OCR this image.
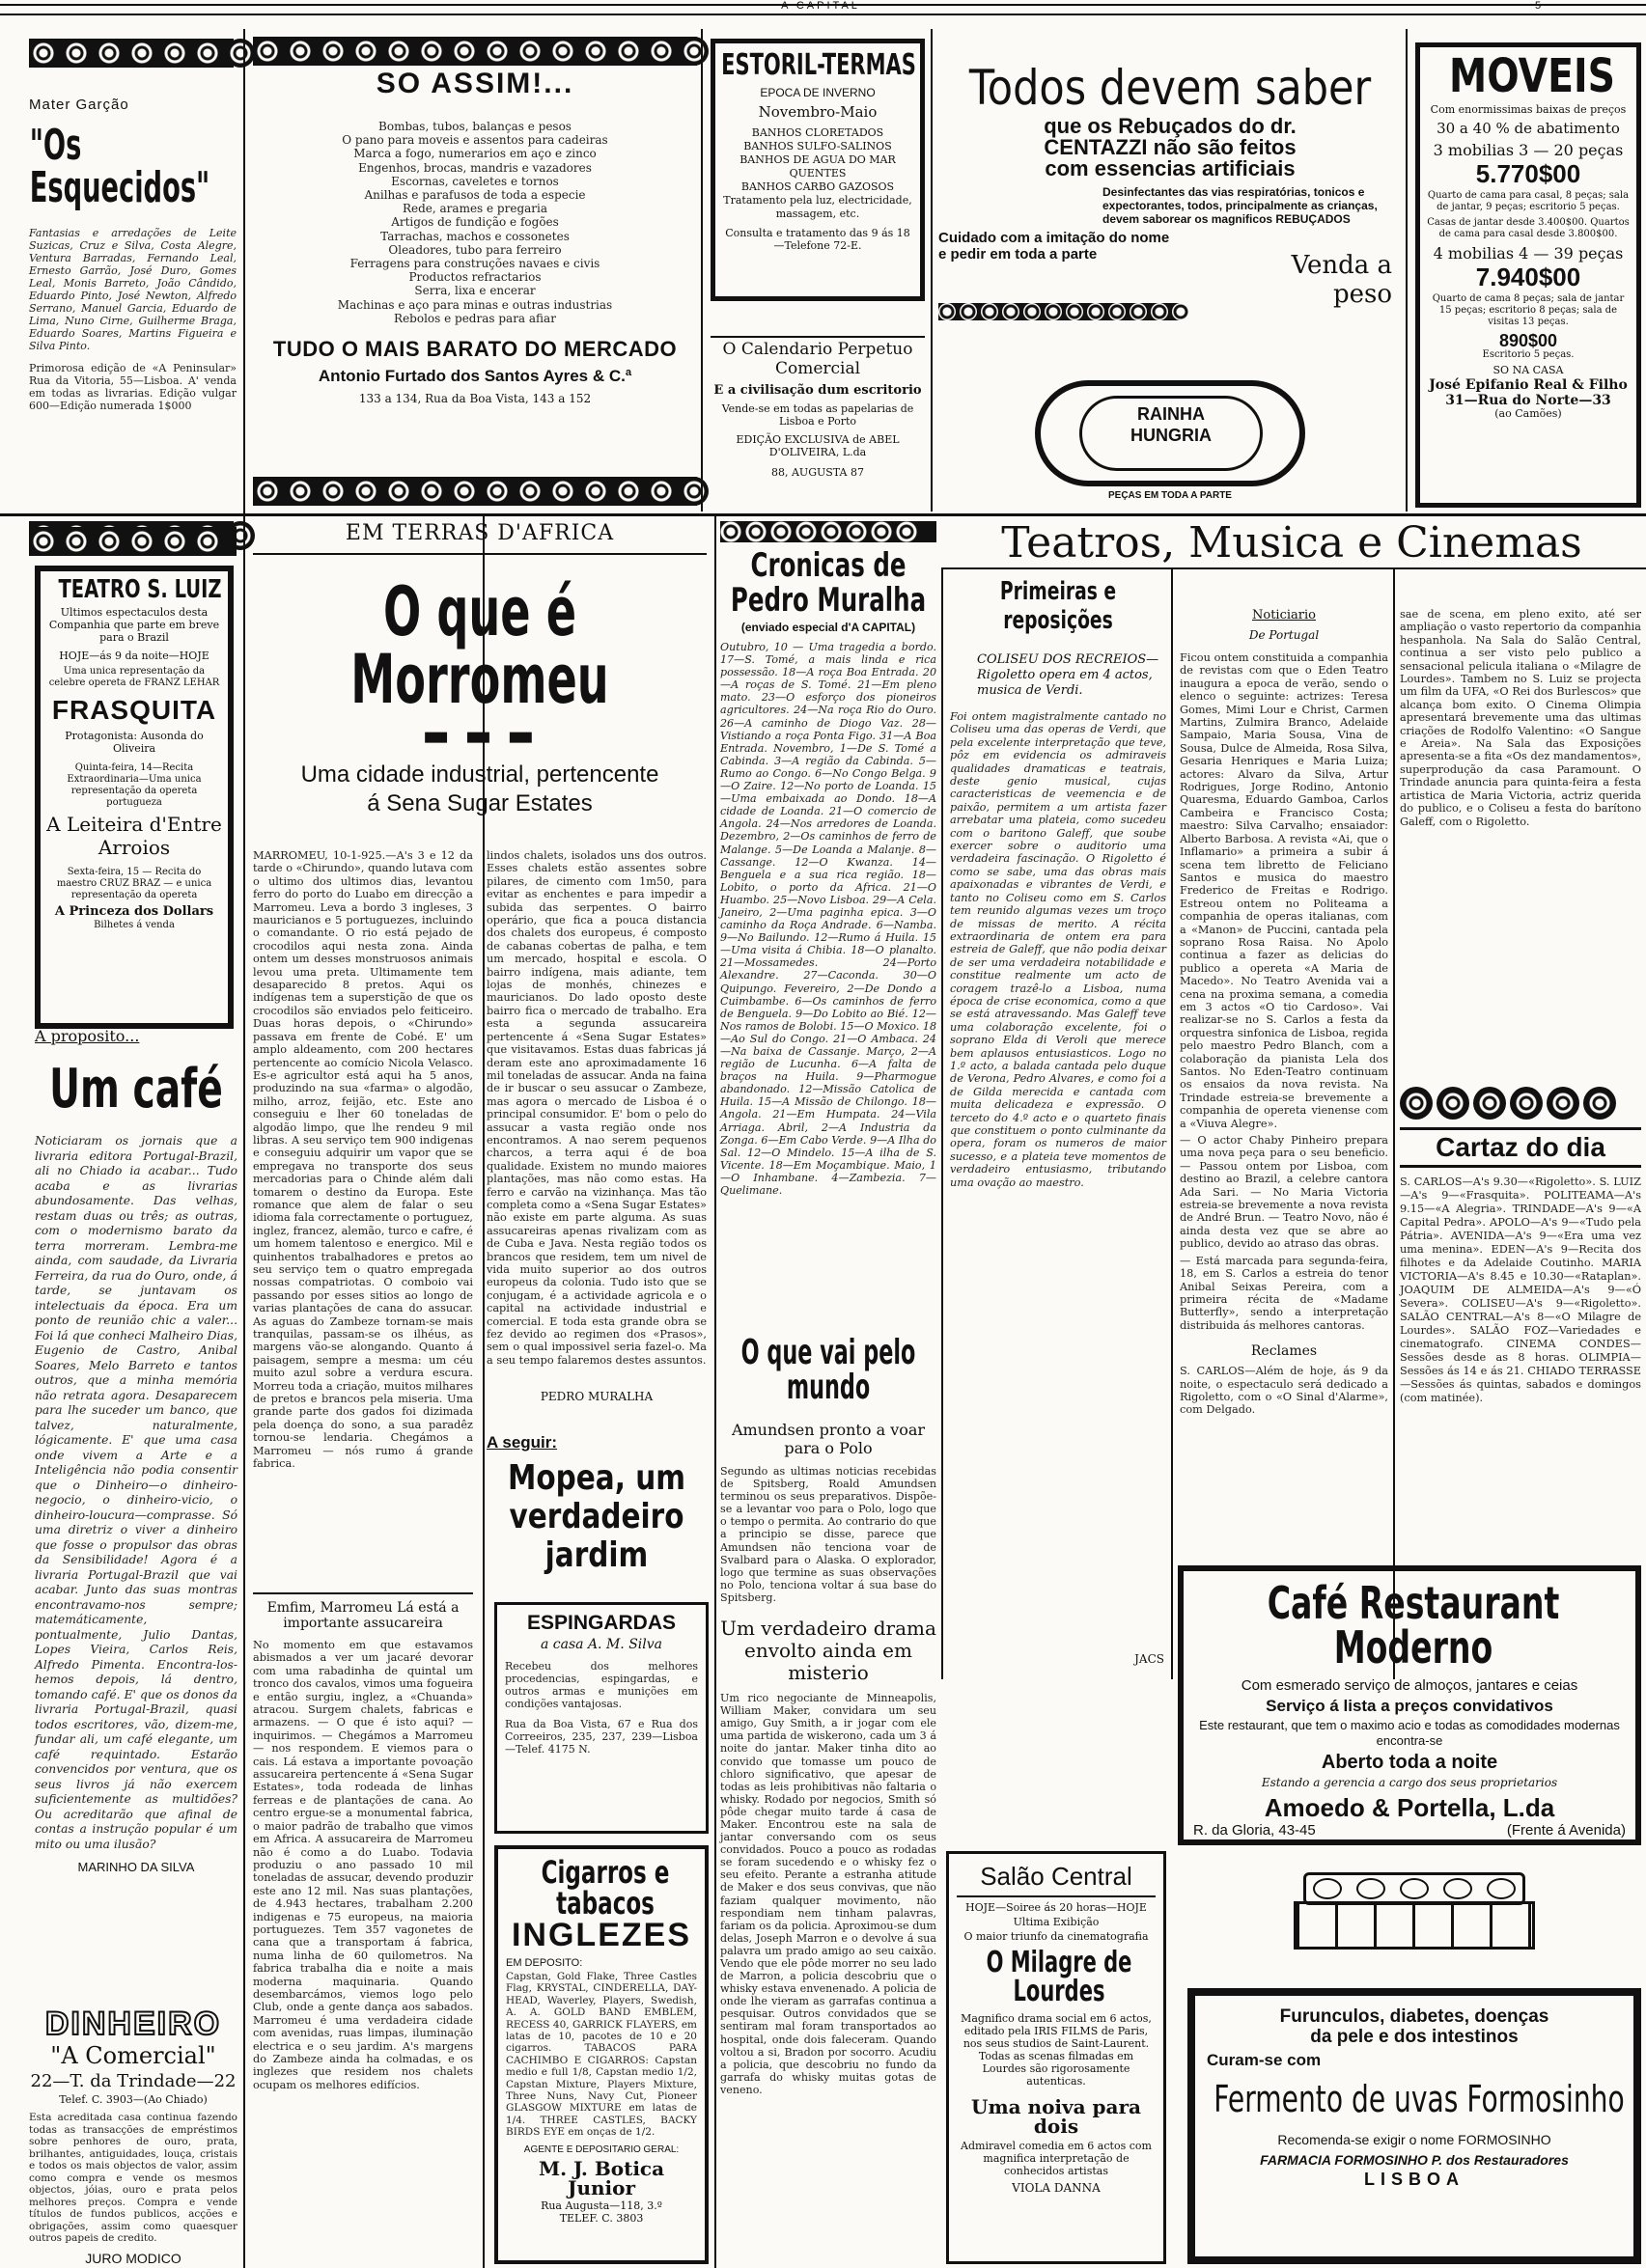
A CAPITAL	5
Mater Garção
"Os Esquecidos"
Fantasias e arredações de Leite Suzicas, Cruz e Silva, Costa Alegre, Ventura Barradas, Fernando Leal, Ernesto Garrão, José Duro, Gomes Leal, Monis Barreto, João Cândido, Eduardo Pinto, José Newton, Alfredo Serrano, Manuel Garcia, Eduardo de Lima, Nuno Cirne, Guilherme Braga, Eduardo Soares, Martins Figueira e Silva Pinto.
Primorosa edição de «A Peninsular» Rua da Vitoria, 55—Lisboa. A' venda em todas as livrarias. Edição vulgar 600—Edição numerada 1$000
SO ASSIM!...
Bombas, tubos, balanças e pesos
O pano para moveis e assentos para cadeiras
Marca a fogo, numerarios em aço e zinco
Engenhos, brocas, mandris e vazadores
Escornas, caveletes e tornos
Anilhas e parafusos de toda a especie
Rede, arames e pregaria
Artigos de fundição e fogões
Tarrachas, machos e cossonetes
Oleadores, tubo para ferreiro
Ferragens para construções navaes e civis
Productos refractarios
Serra, lixa e encerar
Machinas e aço para minas e outras industrias
Rebolos e pedras para afiar
TUDO O MAIS BARATO DO MERCADO
Antonio Furtado dos Santos Ayres & C.ª
133 a 134, Rua da Boa Vista, 143 a 152
ESTORIL-TERMAS
EPOCA DE INVERNO
Novembro-Maio
BANHOS CLORETADOS
BANHOS SULFO-SALINOS
BANHOS DE AGUA DO MAR
QUENTES
BANHOS CARBO GAZOSOS
Tratamento pela luz, electricidade, massagem, etc.
Consulta e tratamento das 9 ás 18—Telefone 72-E.
O Calendario Perpetuo Comercial
E a civilisação dum escritorio
Vende-se em todas as papelarias de Lisboa e Porto
EDIÇÃO EXCLUSIVA de ABEL D'OLIVEIRA, L.da
88, AUGUSTA 87
Todos devem saber
que os Rebuçados do dr.
CENTAZZI não são feitos
com essencias artificiais
Desinfectantes das vias respiratórias, tonicos e expectorantes, todos, principalmente as crianças, devem saborear os magnificos REBUÇADOS
Cuidado com a imitação do nome e pedir em toda a parte	Venda a peso
RAINHA
HUNGRIA
PEÇAS EM TODA A PARTE
MOVEIS
Com enormissimas baixas de preços
30 a 40 % de abatimento
3 mobilias 3 — 20 peças
5.770$00
Quarto de cama para casal, 8 peças; sala de jantar, 9 peças; escritorio 5 peças.
Casas de jantar desde 3.400$00. Quartos de cama para casal desde 3.800$00.
4 mobilias 4 — 39 peças
7.940$00
Quarto de cama 8 peças; sala de jantar 15 peças; escritorio 8 peças; sala de visitas 13 peças.
890$00
Escritorio 5 peças.
SO NA CASA
José Epifanio Real & Filho
31—Rua do Norte—33
(ao Camões)
TEATRO S. LUIZ
Ultimos espectaculos desta Companhia que parte em breve para o Brazil
HOJE—ás 9 da noite—HOJE
Uma unica representação da celebre opereta de FRANZ LEHAR
FRASQUITA
Protagonista: Ausonda do Oliveira
Quinta-feira, 14—Recita Extraordinaria—Uma unica representação da opereta portugueza
A Leiteira d'Entre Arroios
Sexta-feira, 15 — Recita do maestro CRUZ BRAZ — e unica representação da opereta
A Princeza dos Dollars
Bilhetes á venda
A proposito...
Um café
Noticiaram os jornais que a livraria editora Portugal-Brazil, ali no Chiado ia acabar... Tudo acaba e as livrarias abundosamente. Das velhas, restam duas ou três; as outras, com o modernismo barato da terra morreram. Lembra-me ainda, com saudade, da Livraria Ferreira, da rua do Ouro, onde, á tarde, se juntavam os intelectuais da época. Era um ponto de reunião chic a valer... Foi lá que conheci Malheiro Dias, Eugenio de Castro, Anibal Soares, Melo Barreto e tantos outros, que a minha memória não retrata agora. Desaparecem para lhe suceder um banco, que talvez, naturalmente, lógicamente. E' que uma casa onde vivem a Arte e a Inteligência não podia consentir que o Dinheiro—o dinheiro-negocio, o dinheiro-vicio, o dinheiro-loucura—comprasse. Só uma diretriz o viver a dinheiro que fosse o propulsor das obras da Sensibilidade! Agora é a livraria Portugal-Brazil que vai acabar. Junto das suas montras encontravamo-nos sempre; matemáticamente, pontualmente, Julio Dantas, Lopes Vieira, Carlos Reis, Alfredo Pimenta. Encontra-los-hemos depois, lá dentro, tomando café. E' que os donos da livraria Portugal-Brazil, quasi todos escritores, vão, dizem-me, fundar ali, um café elegante, um café requintado. Estarão convencidos por ventura, que os seus livros já não exercem suficientemente as multidões? Ou acreditarão que afinal de contas a instrução popular é um mito ou uma ilusão?
MARINHO DA SILVA
DINHEIRO
"A Comercial"
22—T. da Trindade—22
Telef. C. 3903—(Ao Chiado)
Esta acreditada casa continua fazendo todas as transacções de empréstimos sobre penhores de ouro, prata, brilhantes, antiguidades, louça, cristais e todos os mais objectos de valor, assim como compra e vende os mesmos objectos, jóias, ouro e prata pelos melhores preços. Compra e vende títulos de fundos publicos, acções e obrigações, assim como quaesquer outros papeis de credito.
JURO MODICO
EM TERRAS D'AFRICA
O que é Morromeu
▬ ▬ ▬
Uma cidade industrial, pertencente á Sena Sugar Estates
MARROMEU, 10-1-925.—A's 3 e 12 da tarde o «Chirundo», quando lutava com o ultimo dos ultimos dias, levantou ferro do porto do Luabo em direcção a Marromeu. Leva a bordo 3 ingleses, 3 mauricianos e 5 portuguezes, incluindo o comandante. O rio está pejado de crocodilos aqui nesta zona. Ainda ontem um desses monstruosos animais levou uma preta. Ultimamente tem desaparecido 8 pretos. Aqui os indígenas tem a superstição de que os crocodilos são enviados pelo feiticeiro. Duas horas depois, o «Chirundo» passava em frente de Cobé. E' um amplo aldeamento, com 200 hectares pertencente ao comício Nicola Velasco. Es-e agricultor está aqui ha 5 anos, produzindo na sua «farma» o algodão, milho, arroz, feijão, etc. Este ano conseguiu e lher 60 toneladas de algodão limpo, que lhe rendeu 9 mil libras. A seu serviço tem 900 indigenas e conseguiu adquirir um vapor que se empregava no transporte dos seus mercadorias para o Chinde além dali tomarem o destino da Europa. Este romance que alem de falar o seu idioma fala correctamente o portuguez, inglez, francez, alemão, turco e cafre, é um homem talentoso e energico. Mil e quinhentos trabalhadores e pretos ao seu serviço tem o quatro empregada nossas compatriotas. O comboio vai passando por esses sitios ao longo de varias plantações de cana do assucar. As aguas do Zambeze tornam-se mais tranquilas, passam-se os ilhéus, as margens vão-se alongando. Quanto á paisagem, sempre a mesma: um céu muito azul sobre a verdura escura. Morreu toda a criação, muitos milhares de pretos e brancos pela miseria. Uma grande parte dos gados foi dizimada pela doença do sono, a sua paradêz tornou-se lendaria. Chegámos a Marromeu — nós rumo á grande fabrica.
lindos chalets, isolados uns dos outros. Esses chalets estão assentes sobre pilares, de cimento com 1m50, para evitar as enchentes e para impedir a subida das serpentes. O bairro operário, que fica a pouca distancia dos chalets dos europeus, é composto de cabanas cobertas de palha, e tem um mercado, hospital e escola. O bairro indígena, mais adiante, tem lojas de monhés, chinezes e mauricianos. Do lado oposto deste bairro fica o mercado de trabalho. Era esta a segunda assucareira pertencente á «Sena Sugar Estates» que visitavamos. Estas duas fabricas já deram este ano aproximadamente 16 mil toneladas de assucar. Anda na faina de ir buscar o seu assucar o Zambeze, mas agora o mercado de Lisboa é o principal consumidor. E' bom o pelo do assucar a vasta região onde nos encontramos. A nao serem pequenos charcos, a terra aqui é de boa qualidade. Existem no mundo maiores plantações, mas não como estas. Ha ferro e carvão na vizinhança. Mas tão completa como a «Sena Sugar Estates» não existe em parte alguma. As suas assucareiras apenas rivalizam com as de Cuba e Java. Nesta região todos os brancos que residem, tem um nivel de vida muito superior ao dos outros europeus da colonia. Tudo isto que se conjugam, é a actividade agricola e o capital na actividade industrial e comercial. E toda esta grande obra se fez devido ao regimen dos «Prasos», sem o qual impossivel seria fazel-o. Ma a seu tempo falaremos destes assuntos.
PEDRO MURALHA
A seguir:
Mopea, um verdadeiro jardim
Emfim, Marromeu Lá está a importante assucareira
No momento em que estavamos abismados a ver um jacaré devorar com uma rabadinha de quintal um tronco dos cavalos, vimos uma fogueira e então surgiu, inglez, a «Chuanda» atracou. Surgem chalets, fabricas e armazens. — O que é isto aqui? — inquirimos. — Chegámos a Marromeu — nos respondem. E viemos para o cais. Lá estava a importante povoação assucareira pertencente á «Sena Sugar Estates», toda rodeada de linhas ferreas e de plantações de cana. Ao centro ergue-se a monumental fabrica, o maior padrão de trabalho que vimos em Africa. A assucareira de Marromeu não é como a do Luabo. Todavia produziu o ano passado 10 mil toneladas de assucar, devendo produzir este ano 12 mil. Nas suas plantações, de 4.943 hectares, trabalham 2.200 indigenas e 75 europeus, na maioria portuguezes. Tem 357 vagonetes de cana que a transportam á fabrica, numa linha de 60 quilometros. Na fabrica trabalha dia e noite a mais moderna maquinaria. Quando desembarcámos, viemos logo pelo Club, onde a gente dança aos sabados. Marromeu é uma verdadeira cidade com avenidas, ruas limpas, iluminação electrica e o seu jardim. A's margens do Zambeze ainda ha colmadas, e os inglezes que residem nos chalets ocupam os melhores edifícios.
ESPINGARDAS
a casa A. M. Silva
Recebeu dos melhores procedencias, espingardas, e outros armas e munições em condições vantajosas.
Rua da Boa Vista, 67 e Rua dos Correeiros, 235, 237, 239—Lisboa—Telef. 4175 N.
Cigarros e tabacos
INGLEZES
EM DEPOSITO:
Capstan, Gold Flake, Three Castles Flag, KRYSTAL, CINDERELLA, DAY-HEAD, Waverley, Players, Swedish, A. A. GOLD BAND EMBLEM, RECESS 40, GARRICK FLAYERS, em latas de 10, pacotes de 10 e 20 cigarros. TABACOS PARA CACHIMBO E CIGARROS: Capstan medio e full 1/8, Capstan medio 1/2, Capstan Mixture, Players Mixture, Three Nuns, Navy Cut, Pioneer GLASGOW MIXTURE em latas de 1/4. THREE CASTLES, BACKY BIRDS EYE em onças de 1/2.
AGENTE E DEPOSITARIO GERAL:
M. J. Botica Junior
Rua Augusta—118, 3.º
TELEF. C. 3803
Cronicas de Pedro Muralha
(enviado especial d'A CAPITAL)
Outubro, 10 — Uma tragedia a bordo. 17—S. Tomé, a mais linda e rica possessão. 18—A roça Boa Entrada. 20—A roças de S. Tomé. 21—Em pleno mato. 23—O esforço dos pioneiros agricultores. 24—Na roça Rio do Ouro. 26—A caminho de Diogo Vaz. 28—Vistiando a roça Ponta Figo. 31—A Boa Entrada. Novembro, 1—De S. Tomé a Cabinda. 3—A região da Cabinda. 5—Rumo ao Congo. 6—No Congo Belga. 9—O Zaire. 12—No porto de Loanda. 15—Uma embaixada ao Dondo. 18—A cidade de Loanda. 21—O comercio de Angola. 24—Nos arredores de Loanda. Dezembro, 2—Os caminhos de ferro de Malange. 5—De Loanda a Malanje. 8—Cassange. 12—O Kwanza. 14—Benguela e a sua rica região. 18—Lobito, o porto da Africa. 21—O Huambo. 25—Novo Lisboa. 29—A Cela. Janeiro, 2—Uma paginha epica. 3—O caminho da Roça Andrade. 6—Namba. 9—No Bailundo. 12—Rumo á Huila. 15—Uma visita á Chibia. 18—O planalto. 21—Mossamedes. 24—Porto Alexandre. 27—Caconda. 30—O Quipungo. Fevereiro, 2—De Dondo a Cuimbambe. 6—Os caminhos de ferro de Benguela. 9—Do Lobito ao Bié. 12—Nos ramos de Bolobi. 15—O Moxico. 18—Ao Sul do Congo. 21—O Ambaca. 24—Na baixa de Cassanje. Março, 2—A região de Lucunha. 6—A falta de braços na Huila. 9—Pharmogue abandonado. 12—Missão Catolica de Huila. 15—A Missão de Chilongo. 18—Angola. 21—Em Humpata. 24—Vila Arriaga. Abril, 2—A Industria da Zonga. 6—Em Cabo Verde. 9—A Ilha do Sal. 12—O Mindelo. 15—A ilha de S. Vicente. 18—Em Moçambique. Maio, 1—O Inhambane. 4—Zambezia. 7—Quelimane.
O que vai pelo mundo
Amundsen pronto a voar para o Polo
Segundo as ultimas noticias recebidas de Spitsberg, Roald Amundsen terminou os seus preparativos. Dispõe-se a levantar voo para o Polo, logo que o tempo o permita. Ao contrario do que a principio se disse, parece que Amundsen não tenciona voar de Svalbard para o Alaska. O explorador, logo que termine as suas observações no Polo, tenciona voltar á sua base do Spitsberg.
Um verdadeiro drama envolto ainda em misterio
Um rico negociante de Minneapolis, William Maker, convidara um seu amigo, Guy Smith, a ir jogar com ele uma partida de wiskerono, cada um 3 á noite do jantar. Maker tinha dito ao convido que tomasse um pouco de chloro significativo, que apesar de todas as leis prohibitivas não faltaria o whisky. Rodado por negocios, Smith só pôde chegar muito tarde á casa de Maker. Encontrou este na sala de jantar conversando com os seus convidados. Pouco a pouco as rodadas se foram sucedendo e o whisky fez o seu efeito. Perante a estranha atitude de Maker e dos seus convivas, que não faziam qualquer movimento, não respondiam nem tinham palavras, fariam os da policia. Aproximou-se dum delas, Joseph Marron e o devolve á sua palavra um prado amigo ao seu caixão. Vendo que ele pôde morrer no seu lado de Marron, a policia descobriu que o whisky estava envenenado. A policia de onde lhe vieram as garrafas continua a pesquisar. Outros convidados que se sentiram mal foram transportados ao hospital, onde dois faleceram. Quando voltou a si, Bradon por socorro. Acudiu a policia, que descobriu no fundo da garrafa do whisky muitas gotas de veneno.
Teatros, Musica e Cinemas
Primeiras e reposições
COLISEU DOS RECREIOS—Rigoletto opera em 4 actos, musica de Verdi.
Foi ontem magistralmente cantado no Coliseu uma das operas de Verdi, que pela excelente interpretação que teve, pôz em evidencia os admiraveis qualidades dramaticas e teatrais, deste genio musical, cujas caracteristicas de veemencia e de paixão, permitem a um artista fazer arrebatar uma plateia, como sucedeu com o baritono Galeff, que soube exercer sobre o auditorio uma verdadeira fascinação. O Rigoletto é como se sabe, uma das obras mais apaixonadas e vibrantes de Verdi, e tanto no Coliseu como em S. Carlos tem reunido algumas vezes um troço de missas de merito. A récita extraordinaria de ontem era para estreia de Galeff, que não podia deixar de ser uma verdadeira notabilidade e constitue realmente um acto de coragem trazê-lo a Lisboa, numa época de crise economica, como a que se está atravessando. Mas Galeff teve uma colaboração excelente, foi o soprano Elda di Veroli que merece bem aplausos entusiasticos. Logo no 1.º acto, a balada cantada pelo duque de Verona, Pedro Alvares, e como foi a de Gilda merecida e cantada com muita delicadeza e expressão. O terceto do 4.º acto e o quarteto finais que constituem o ponto culminante da opera, foram os numeros de maior sucesso, e a plateia teve momentos de verdadeiro entusiasmo, tributando uma ovação ao maestro.
Noticiario
De Portugal
Ficou ontem constituida a companhia de revistas com que o Eden Teatro inaugura a epoca de verão, sendo o elenco o seguinte: actrizes: Teresa Gomes, Mimi Lour e Christ, Carmen Martins, Zulmira Branco, Adelaide Sampaio, Maria Sousa, Vina de Sousa, Dulce de Almeida, Rosa Silva, Gesaria Henriques e Maria Luiza; actores: Alvaro da Silva, Artur Rodrigues, Jorge Rodino, Antonio Quaresma, Eduardo Gamboa, Carlos Cambeira e Francisco Costa; maestro: Silva Carvalho; ensaiador: Alberto Barbosa. A revista «Ai, que o Inflamario» a primeira a subir á scena tem libretto de Feliciano Santos e musica do maestro Frederico de Freitas e Rodrigo. Estreou ontem no Politeama a companhia de operas italianas, com a «Manon» de Puccini, cantada pela soprano Rosa Raisa. No Apolo continua a fazer as delicias do publico a opereta «A Maria de Macedo». No Teatro Avenida vai a cena na proxima semana, a comedia em 3 actos «O tio Cardoso». Vai realizar-se no S. Carlos a festa da orquestra sinfonica de Lisboa, regida pelo maestro Pedro Blanch, com a colaboração da pianista Lela dos Santos. No Eden-Teatro continuam os ensaios da nova revista. Na Trindade estreia-se brevemente a companhia de opereta vienense com a «Viuva Alegre».
— O actor Chaby Pinheiro prepara uma nova peça para o seu beneficio. — Passou ontem por Lisboa, com destino ao Brazil, a celebre cantora Ada Sari. — No Maria Victoria estreia-se brevemente a nova revista de André Brun. — Teatro Novo, não é ainda desta vez que se abre ao publico, devido ao atraso das obras.
— Está marcada para segunda-feira, 18, em S. Carlos a estreia do tenor Anibal Seixas Pereira, com a primeira récita de «Madame Butterfly», sendo a interpretação distribuida ás melhores cantoras.
Reclames
S. CARLOS—Além de hoje, ás 9 da noite, o espectaculo será dedicado a Rigoletto, com o «O Sinal d'Alarme», com Delgado.
sae de scena, em pleno exito, até ser ampliação o vasto repertorio da companhia hespanhola. Na Sala do Salão Central, continua a ser visto pelo publico a sensacional pelicula italiana o «Milagre de Lourdes». Tambem no S. Luiz se projecta um film da UFA, «O Rei dos Burlescos» que alcança bom exito. O Cinema Olimpia apresentará brevemente uma das ultimas criações de Rodolfo Valentino: «O Sangue e Areia». Na Sala das Exposições apresenta-se a fita «Os dez mandamentos», superprodução da casa Paramount. O Trindade anuncia para quinta-feira a festa artistica de Maria Victoria, actriz querida do publico, e o Coliseu a festa do barítono Galeff, com o Rigoletto.
Cartaz do dia
S. CARLOS—A's 9.30—«Rigoletto». S. LUIZ—A's 9—«Frasquita». POLITEAMA—A's 9.15—«A Alegria». TRINDADE—A's 9—«A Capital Pedra». APOLO—A's 9—«Tudo pela Pátria». AVENIDA—A's 9—«Era uma vez uma menina». EDEN—A's 9—Recita dos filhotes e da Adelaide Coutinho. MARIA VICTORIA—A's 8.45 e 10.30—«Rataplan». JOAQUIM DE ALMEIDA—A's 9—«Ó Severa». COLISEU—A's 9—«Rigoletto». SALÃO CENTRAL—A's 8—«O Milagre de Lourdes». SALÃO FOZ—Variedades e cinematografo. CINEMA CONDES—Sessões desde as 8 horas. OLIMPIA—Sessões ás 14 e ás 21. CHIADO TERRASSE—Sessões ás quintas, sabados e domingos (com matinée).
JACS
Café Restaurant Moderno
Com esmerado serviço de almoços, jantares e ceias
Serviço á lista a preços convidativos
Este restaurant, que tem o maximo acio e todas as comodidades modernas encontra-se
Aberto toda a noite
Estando a gerencia a cargo dos seus proprietarios
Amoedo & Portella, L.da
R. da Gloria, 43-45	(Frente á Avenida)
Salão Central
HOJE—Soiree ás 20 horas—HOJE
Ultima Exibição
O maior triunfo da cinematografia
O Milagre de Lourdes
Magnifico drama social em 6 actos, editado pela IRIS FILMS de Paris, nos seus studios de Saint-Laurent. Todas as scenas filmadas em Lourdes são rigorosamente autenticas.
Uma noiva para dois
Admiravel comedia em 6 actos com magnifica interpretação de conhecidos artistas
VIOLA DANNA
Furunculos, diabetes, doenças
da pele e dos intestinos
Curam-se com
Fermento de uvas Formosinho
Recomenda-se exigir o nome FORMOSINHO
FARMACIA FORMOSINHO P. dos Restauradores
LISBOA
